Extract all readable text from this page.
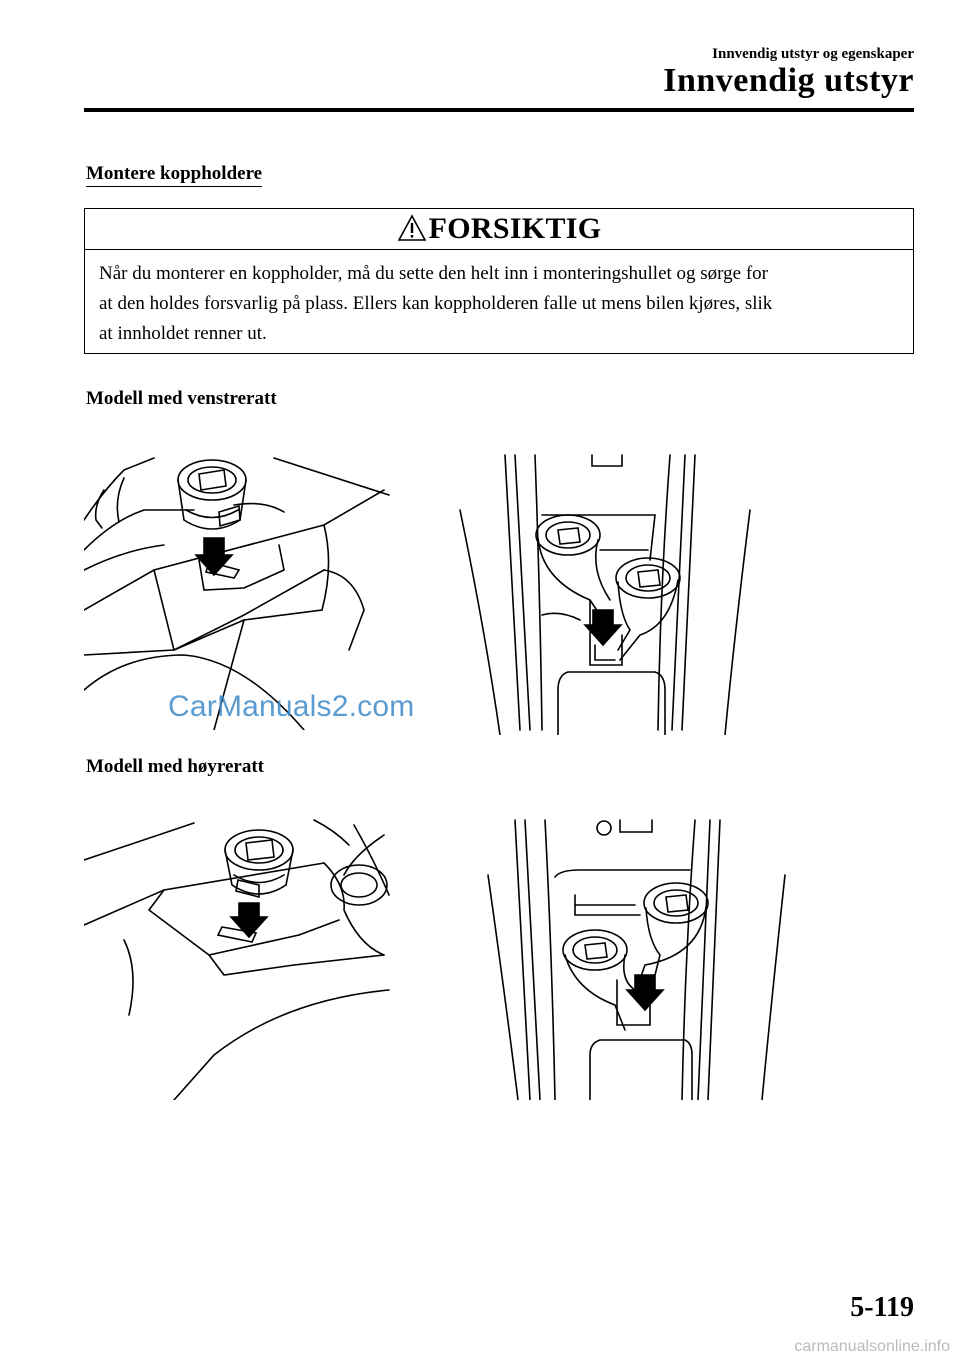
Innvendig utstyr og egenskaper
Innvendig utstyr
Montere koppholdere
FORSIKTIG
Når du monterer en koppholder, må du sette den helt inn i monteringshullet og sørge for
at den holdes forsvarlig på plass. Ellers kan koppholderen falle ut mens bilen kjøres, slik
at innholdet renner ut.
Modell med venstreratt
CarManuals2.com
Modell med høyreratt
5-119
carmanualsonline.info
